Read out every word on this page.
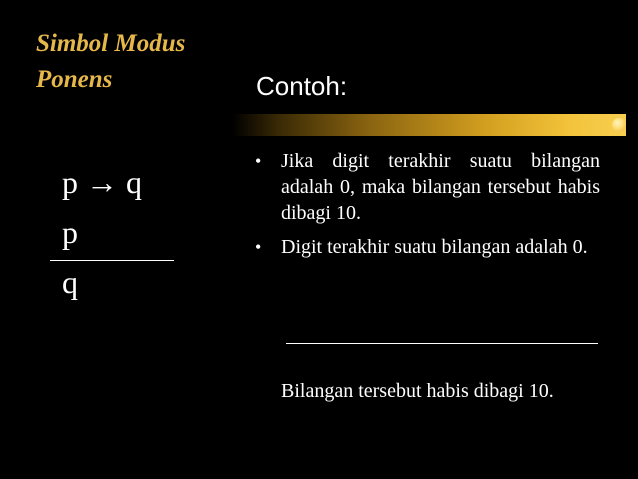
Simbol Modus
Ponens	Contoh:
p → q
p
q
• Jika digit terakhir suatu bilangan adalah 0, maka bilangan tersebut habis dibagi 10.
• Digit terakhir suatu bilangan adalah 0.
Bilangan tersebut habis dibagi 10.
